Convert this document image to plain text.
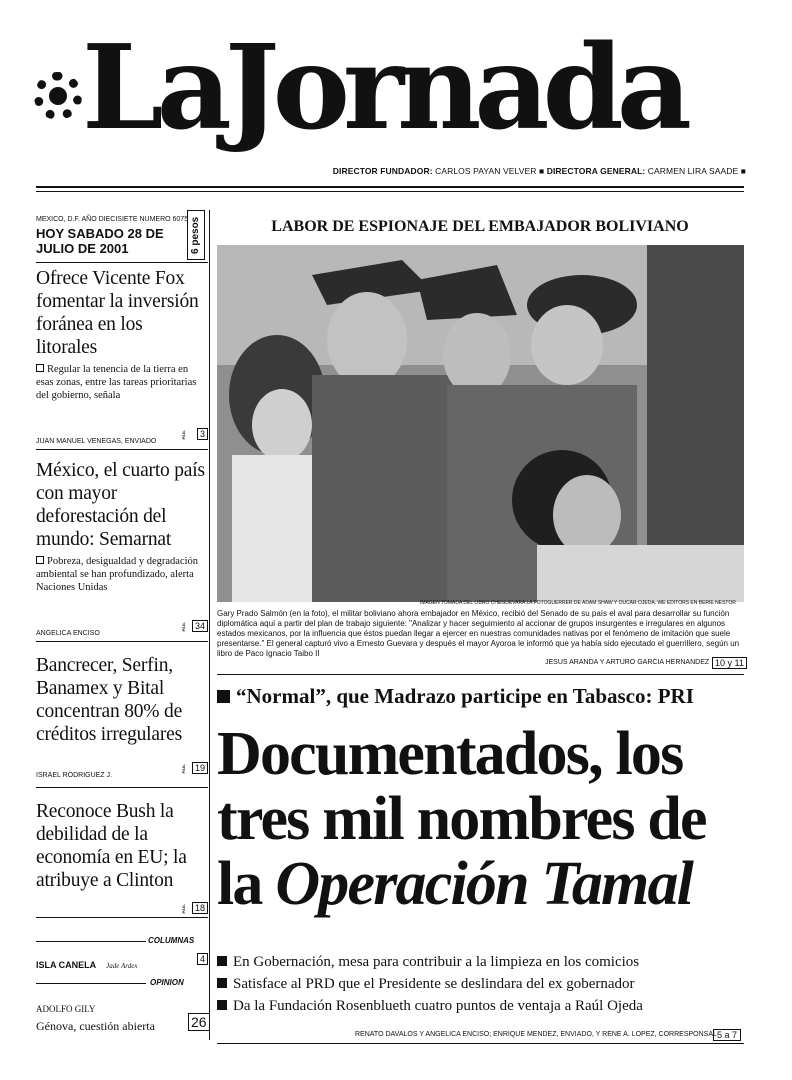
LaJornada
DIRECTOR FUNDADOR: CARLOS PAYAN VELVER ■ DIRECTORA GENERAL: CARMEN LIRA SAADE ■
MEXICO, D.F. AÑO DIECISIETE NUMERO 6075
HOY SABADO 28 DE JULIO DE 2001	6 pesos
Ofrece Vicente Fox fomentar la inversión foránea en los litorales
Regular la tenencia de la tierra en esas zonas, entre las tareas prioritarias del gobierno, señala
JUAN MANUEL VENEGAS, ENVIADO
PAG.	3
México, el cuarto país con mayor deforestación del mundo: Semarnat
Pobreza, desigualdad y degradación ambiental se han profundizado, alerta Naciones Unidas
ANGELICA ENCISO
PAG. 34
Bancrecer, Serfin, Banamex y Bital concentran 80% de créditos irregulares
ISRAEL RODRIGUEZ J.
PAG. 19
Reconoce Bush la debilidad de la economía en EU; la atribuye a Clinton
PAG. 18
COLUMNAS
ISLA CANELA Jade Ardex
4
OPINION
ADOLFO GILY
Génova, cuestión abierta	26
LABOR DE ESPIONAJE DEL EMBAJADOR BOLIVIANO
IMAGEN TOMADA DEL LIBRO CHEGUEVARA LA FOTOGUERRER DE ADAM SHAW Y OUCAR OJEDA. WE EDITORS EN BERIE NESTOR
Gary Prado Salmón (en la foto), el militar boliviano ahora embajador en México, recibió del Senado de su país el aval para desarrollar su función diplomática aquí a partir del plan de trabajo siguiente: "Analizar y hacer seguimiento al accionar de grupos insurgentes e irregulares en algunos estados mexicanos, por la influencia que éstos puedan llegar a ejercer en nuestras comunidades nativas por el fenómeno de imitación que suele presentarse." El general capturó vivo a Ernesto Guevara y después el mayor Ayoroa le informó que ya había sido ejecutado el guerrillero, según un libro de Paco Ignacio Taibo II
JESUS ARANDA Y ARTURO GARCIA HERNANDEZ 10 y 11
“Normal”, que Madrazo participe en Tabasco: PRI
Documentados, los
tres mil nombres de
la Operación Tamal
En Gobernación, mesa para contribuir a la limpieza en los comicios
Satisface al PRD que el Presidente se deslindara del ex gobernador
Da la Fundación Rosenblueth cuatro puntos de ventaja a Raúl Ojeda
RENATO DAVALOS Y ANGELICA ENCISO; ENRIQUE MENDEZ, ENVIADO, Y RENE A. LOPEZ, CORRESPONSAL 5 a 7
